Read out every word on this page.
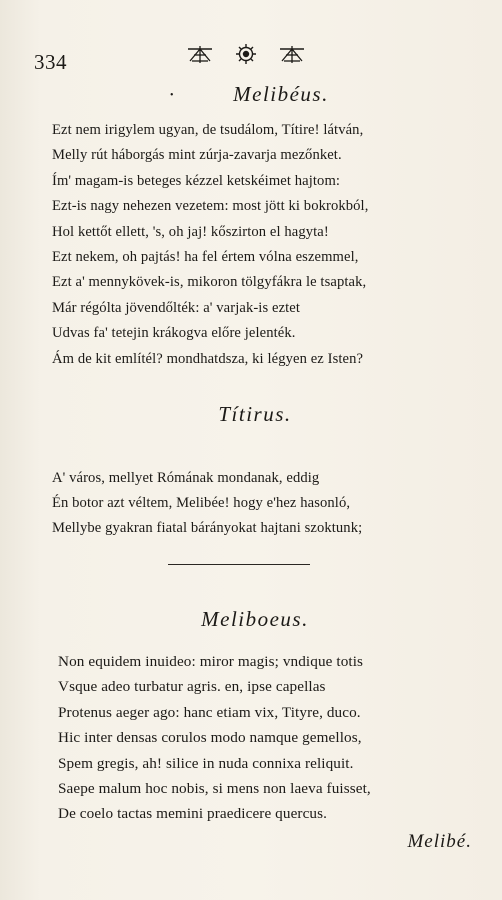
334
•	Melibéus.
Ezt nem irigylem ugyan, de tsudálom, Títire! látván,
Melly rút háborgás mint zúrja-zavarja mezőnket.
Ím' magam-is beteges kézzel ketskéimet hajtom:
Ezt-is nagy nehezen vezetem: most jött ki bokrokból,
Hol kettőt ellett, 's, oh jaj! kőszirton el hagyta!
Ezt nekem, oh pajtás! ha fel értem vólna eszemmel,
Ezt a' mennykövek-is, mikoron tölgyfákra le tsaptak,
Már régólta jövendőlték: a' varjak-is eztet
Udvas fa' tetejin krákogva előre jelenték.
Ám de kit említél? mondhatdsza, ki légyen ez Isten?
Títirus.
A' város, mellyet Rómának mondanak, eddig
Én botor azt véltem, Melibée! hogy e'hez hasonló,
Mellybe gyakran fiatal bárányokat hajtani szoktunk;
Meliboeus.
Non equidem inuideo: miror magis; vndique totis
Vsque adeo turbatur agris. en, ipse capellas
Protenus aeger ago: hanc etiam vix, Tityre, duco.
Hic inter densas corulos modo namque gemellos,
Spem gregis, ah! silice in nuda connixa reliquit.
Saepe malum hoc nobis, si mens non laeva fuisset,
De coelo tactas memini praedicere quercus.
Melibé.
